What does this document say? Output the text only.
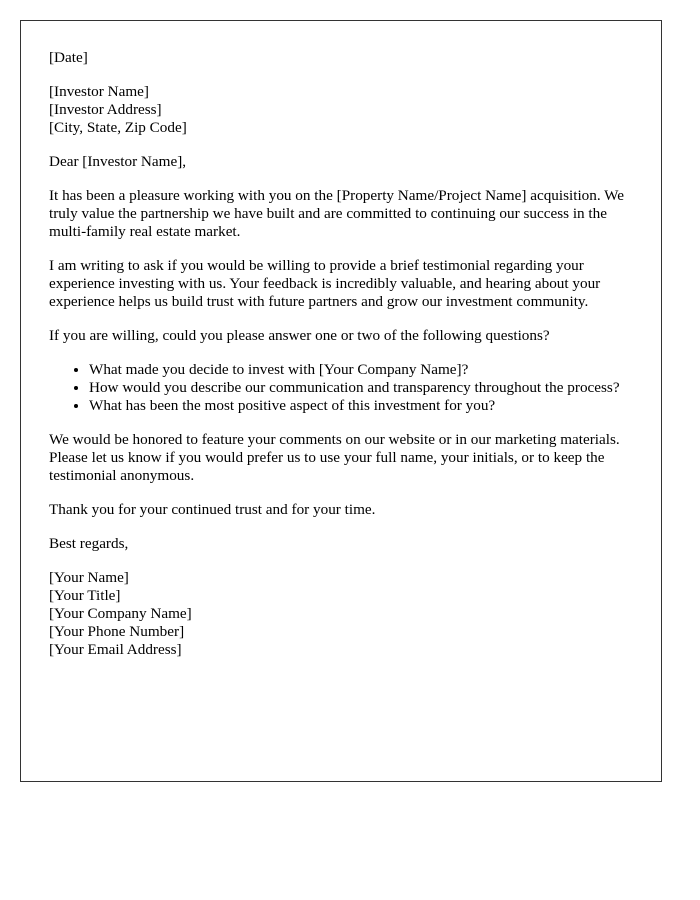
[Date]

[Investor Name]
[Investor Address]
[City, State, Zip Code]

Dear [Investor Name],

It has been a pleasure working with you on the [Property Name/Project Name] acquisition. We truly value the partnership we have built and are committed to continuing our success in the multi-family real estate market.

I am writing to ask if you would be willing to provide a brief testimonial regarding your experience investing with us. Your feedback is incredibly valuable, and hearing about your experience helps us build trust with future partners and grow our investment community.

If you are willing, could you please answer one or two of the following questions?

• What made you decide to invest with [Your Company Name]?
• How would you describe our communication and transparency throughout the process?
• What has been the most positive aspect of this investment for you?

We would be honored to feature your comments on our website or in our marketing materials. Please let us know if you would prefer us to use your full name, your initials, or to keep the testimonial anonymous.

Thank you for your continued trust and for your time.

Best regards,

[Your Name]
[Your Title]
[Your Company Name]
[Your Phone Number]
[Your Email Address]
